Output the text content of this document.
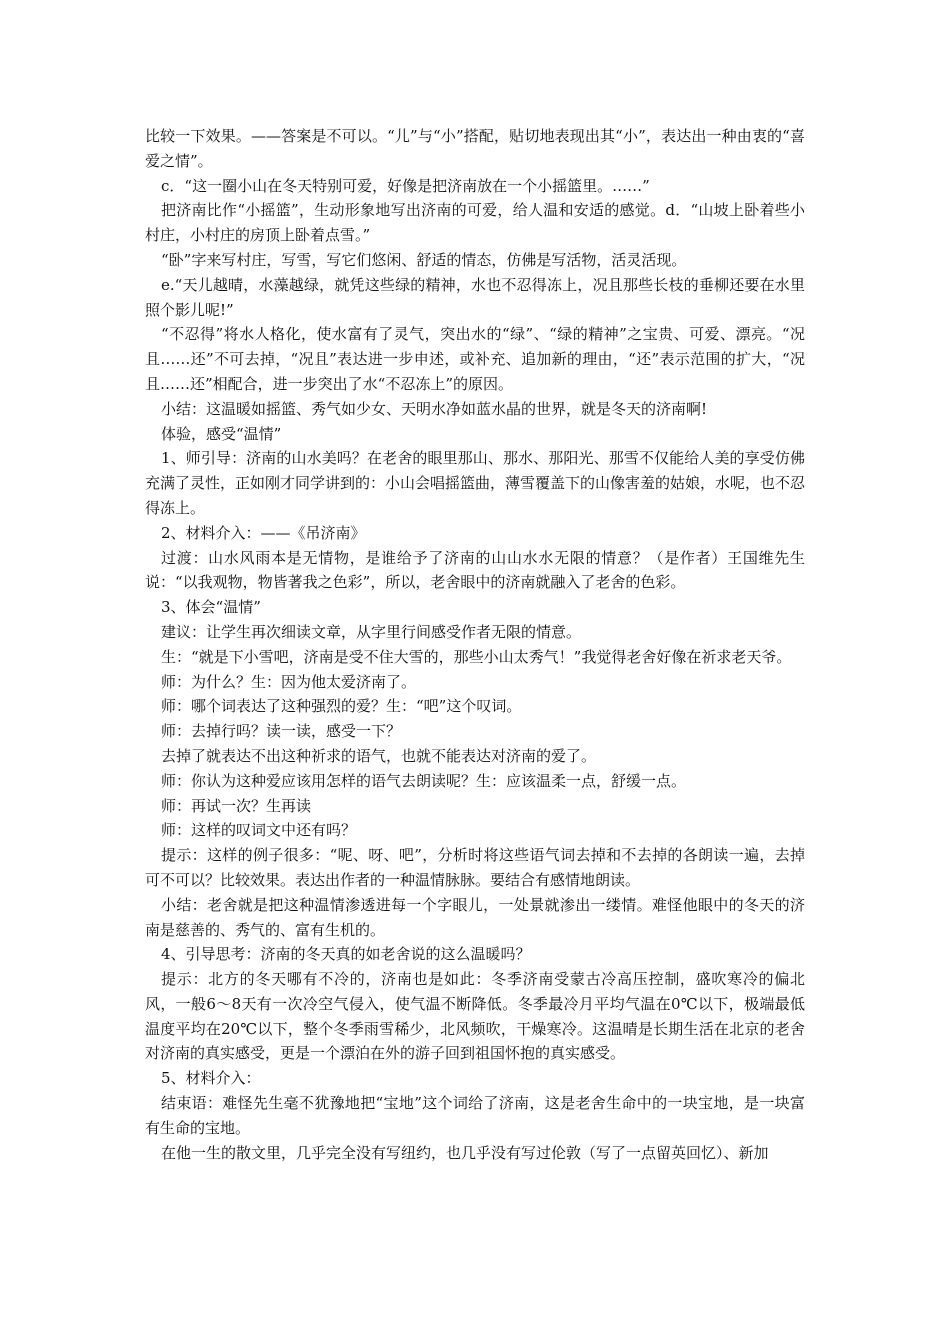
比较一下效果。——答案是不可以。“儿”与“小”搭配，贴切地表现出其“小”，表达出一种由衷的“喜爱之情”。

c．“这一圈小山在冬天特别可爱，好像是把济南放在一个小摇篮里。……”

把济南比作“小摇篮”，生动形象地写出济南的可爱，给人温和安适的感觉。d．“山坡上卧着些小村庄，小村庄的房顶上卧着点雪。”

“卧”字来写村庄，写雪，写它们悠闲、舒适的情态，仿佛是写活物，活灵活现。

e.“天儿越晴，水藻越绿，就凭这些绿的精神，水也不忍得冻上，况且那些长枝的垂柳还要在水里照个影儿呢!”

“不忍得”将水人格化，使水富有了灵气，突出水的“绿”、“绿的精神”之宝贵、可爱、漂亮。“况且……还”不可去掉，“况且”表达进一步申述，或补充、追加新的理由，“还”表示范围的扩大，“况且……还”相配合，进一步突出了水“不忍冻上”的原因。

小结：这温暖如摇篮、秀气如少女、天明水净如蓝水晶的世界，就是冬天的济南啊!

体验，感受“温情”

1、师引导：济南的山水美吗？在老舍的眼里那山、那水、那阳光、那雪不仅能给人美的享受仿佛充满了灵性，正如刚才同学讲到的：小山会唱摇篮曲，薄雪覆盖下的山像害羞的姑娘，水呢，也不忍得冻上。

2、材料介入：——《吊济南》

过渡：山水风雨本是无情物，是谁给予了济南的山山水水无限的情意？（是作者）王国维先生说：“以我观物，物皆著我之色彩”，所以，老舍眼中的济南就融入了老舍的色彩。

3、体会“温情”

建议：让学生再次细读文章，从字里行间感受作者无限的情意。

生：“就是下小雪吧，济南是受不住大雪的，那些小山太秀气！”我觉得老舍好像在祈求老天爷。

师：为什么？生：因为他太爱济南了。

师：哪个词表达了这种强烈的爱？生：“吧”这个叹词。

师：去掉行吗？读一读，感受一下？

去掉了就表达不出这种祈求的语气，也就不能表达对济南的爱了。

师：你认为这种爱应该用怎样的语气去朗读呢？生：应该温柔一点，舒缓一点。

师：再试一次？生再读

师：这样的叹词文中还有吗？

提示：这样的例子很多：“呢、呀、吧”，分析时将这些语气词去掉和不去掉的各朗读一遍，去掉可不可以？比较效果。表达出作者的一种温情脉脉。要结合有感情地朗读。

小结：老舍就是把这种温情渗透进每一个字眼儿，一处景就渗出一缕情。难怪他眼中的冬天的济南是慈善的、秀气的、富有生机的。

4、引导思考：济南的冬天真的如老舍说的这么温暖吗？

提示：北方的冬天哪有不冷的，济南也是如此：冬季济南受蒙古冷高压控制，盛吹寒冷的偏北风，一般6～8天有一次冷空气侵入，使气温不断降低。冬季最冷月平均气温在0℃以下，极端最低温度平均在20℃以下，整个冬季雨雪稀少，北风频吹，干燥寒冷。这温晴是长期生活在北京的老舍对济南的真实感受，更是一个漂泊在外的游子回到祖国怀抱的真实感受。

5、材料介入：

结束语：难怪先生毫不犹豫地把“宝地”这个词给了济南，这是老舍生命中的一块宝地，是一块富有生命的宝地。

在他一生的散文里，几乎完全没有写纽约，也几乎没有写过伦敦（写了一点留英回忆）、新加
